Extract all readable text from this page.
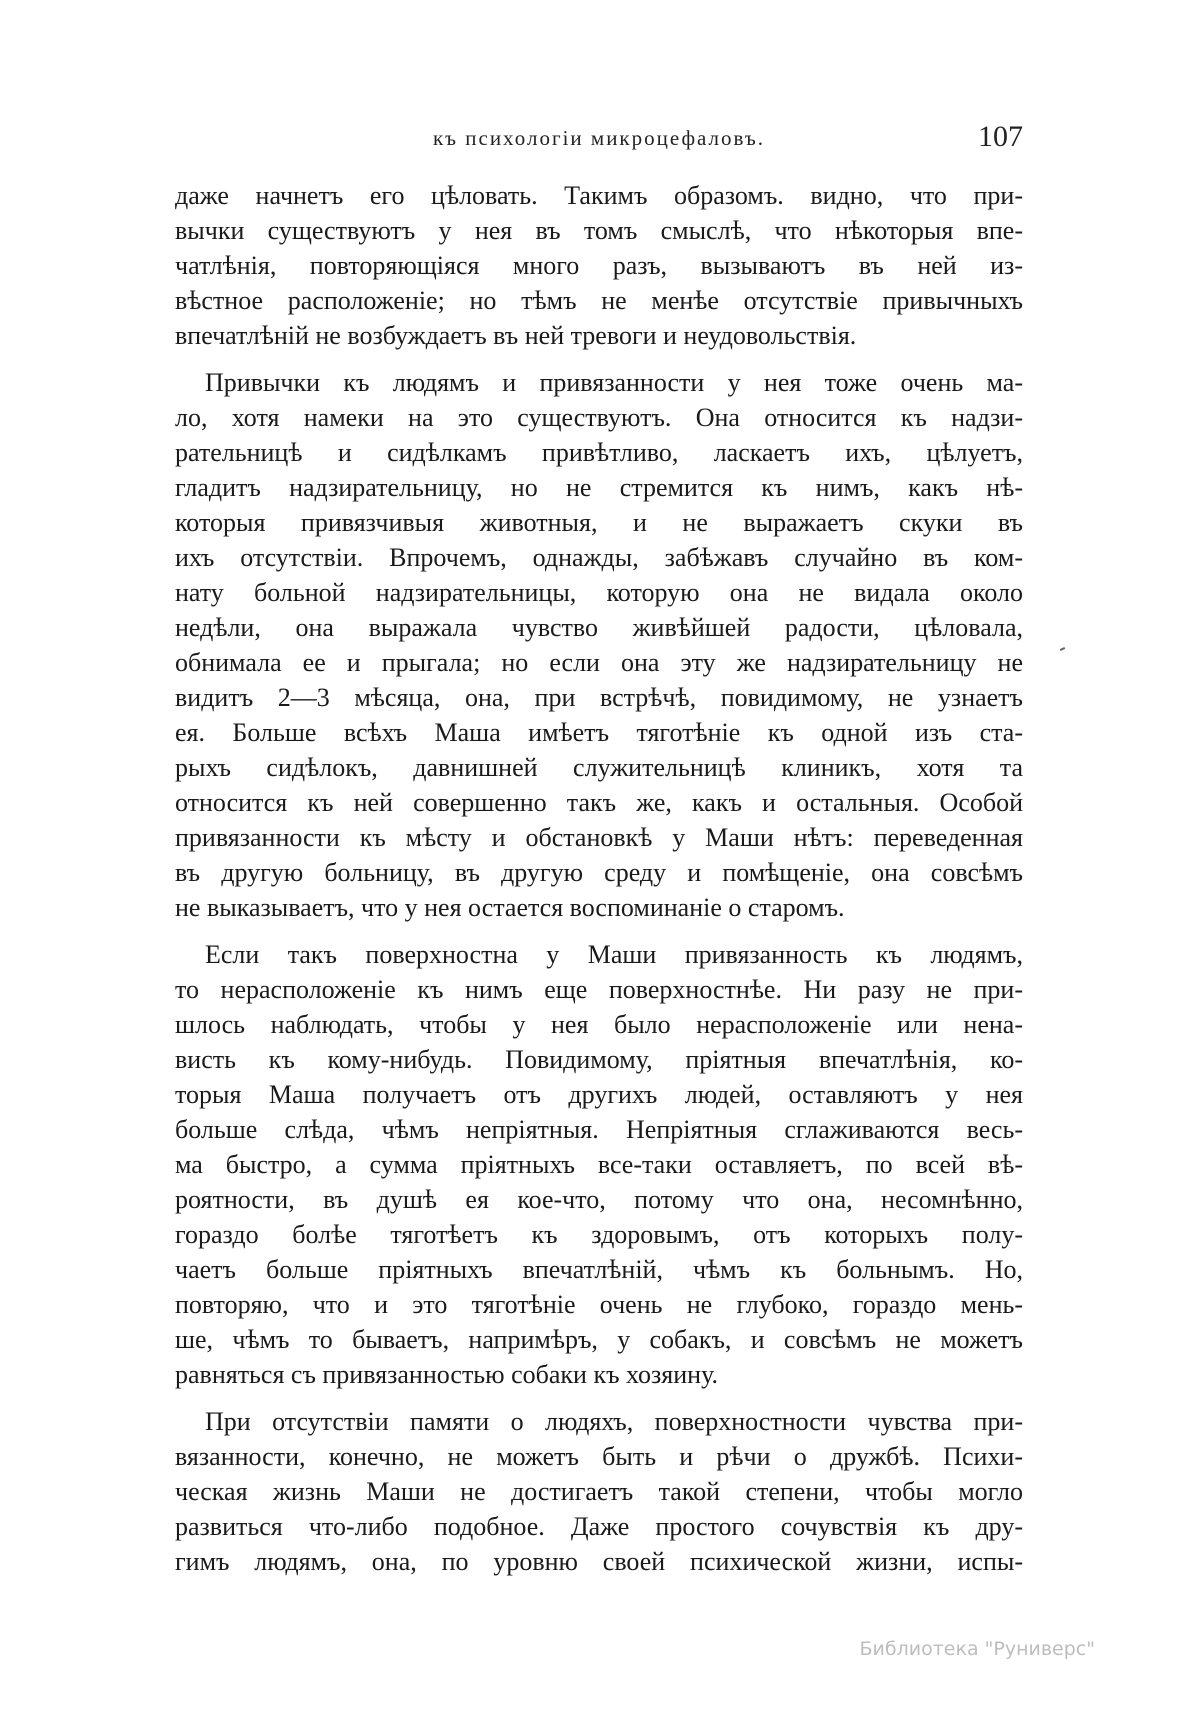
къ психологіи микроцефаловъ.	107
даже начнетъ его цѣловать. Такимъ образомъ. видно, что при-
вычки существуютъ у нея въ томъ смыслѣ, что нѣкоторыя впе-
чатлѣнія, повторяющіяся много разъ, вызываютъ въ ней из-
вѣстное расположеніе; но тѣмъ не менѣе отсутствіе привычныхъ
впечатлѣній не возбуждаетъ въ ней тревоги и неудовольствія.
Привычки къ людямъ и привязанности у нея тоже очень ма-
ло, хотя намеки на это существуютъ. Она относится къ надзи-
рательницѣ и сидѣлкамъ привѣтливо, ласкаетъ ихъ, цѣлуетъ,
гладитъ надзирательницу, но не стремится къ нимъ, какъ нѣ-
которыя привязчивыя животныя, и не выражаетъ скуки въ
ихъ отсутствіи. Впрочемъ, однажды, забѣжавъ случайно въ ком-
нату больной надзирательницы, которую она не видала около
недѣли, она выражала чувство живѣйшей радости, цѣловала,
обнимала ее и прыгала; но если она эту же надзирательницу не
видитъ 2—3 мѣсяца, она, при встрѣчѣ, повидимому, не узнаетъ
ея. Больше всѣхъ Маша имѣетъ тяготѣніе къ одной изъ ста-
рыхъ сидѣлокъ, давнишней служительницѣ клиникъ, хотя та
относится къ ней совершенно такъ же, какъ и остальныя. Особой
привязанности къ мѣсту и обстановкѣ у Маши нѣтъ: переведенная
въ другую больницу, въ другую среду и помѣщеніе, она совсѣмъ
не выказываетъ, что у нея остается воспоминаніе о старомъ.
Если такъ поверхностна у Маши привязанность къ людямъ,
то нерасположеніе къ нимъ еще поверхностнѣе. Ни разу не при-
шлось наблюдать, чтобы у нея было нерасположеніе или нена-
висть къ кому-нибудь. Повидимому, пріятныя впечатлѣнія, ко-
торыя Маша получаетъ отъ другихъ людей, оставляютъ у нея
больше слѣда, чѣмъ непріятныя. Непріятныя сглаживаются весь-
ма быстро, а сумма пріятныхъ все-таки оставляетъ, по всей вѣ-
роятности, въ душѣ ея кое-что, потому что она, несомнѣнно,
гораздо болѣе тяготѣетъ къ здоровымъ, отъ которыхъ полу-
чаетъ больше пріятныхъ впечатлѣній, чѣмъ къ больнымъ. Но,
повторяю, что и это тяготѣніе очень не глубоко, гораздо мень-
ше, чѣмъ то бываетъ, напримѣръ, у собакъ, и совсѣмъ не можетъ
равняться съ привязанностью собаки къ хозяину.
При отсутствіи памяти о людяхъ, поверхностности чувства при-
вязанности, конечно, не можетъ быть и рѣчи о дружбѣ. Психи-
ческая жизнь Маши не достигаетъ такой степени, чтобы могло
развиться что-либо подобное. Даже простого сочувствія къ дру-
гимъ людямъ, она, по уровню своей психической жизни, испы-
Библиотека "Руниверс"
